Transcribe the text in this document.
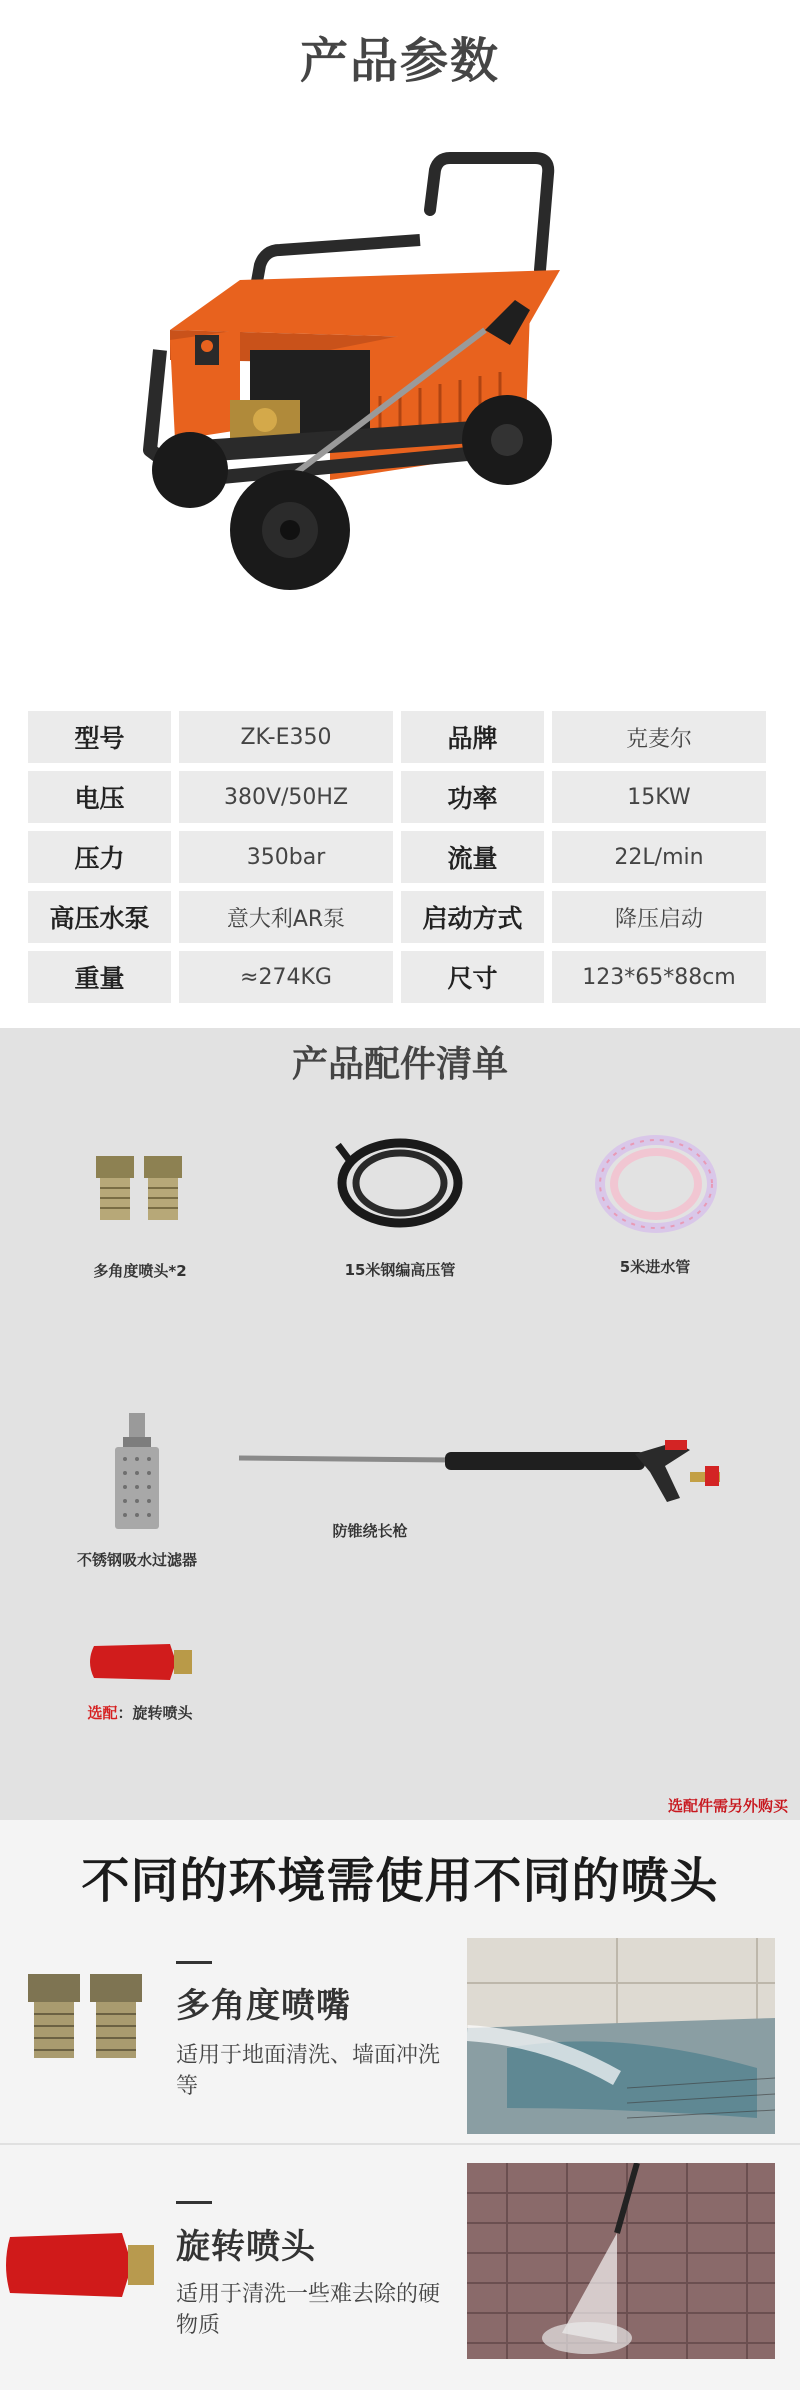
产品参数
型号	ZK-E350	品牌	克麦尔
电压	380V/50HZ	功率	15KW
压力	350bar	流量	22L/min
高压水泵	意大利AR泵	启动方式	降压启动
重量	≈274KG	尺寸	123*65*88cm
产品配件清单
多角度喷头*2	15米钢编高压管	5米进水管
不锈钢吸水过滤器
防锥绕长枪
选配：旋转喷头
选配件需另外购买
不同的环境需使用不同的喷头
多角度喷嘴
适用于地面清洗、墙面冲洗等
旋转喷头
适用于清洗一些难去除的硬物质
